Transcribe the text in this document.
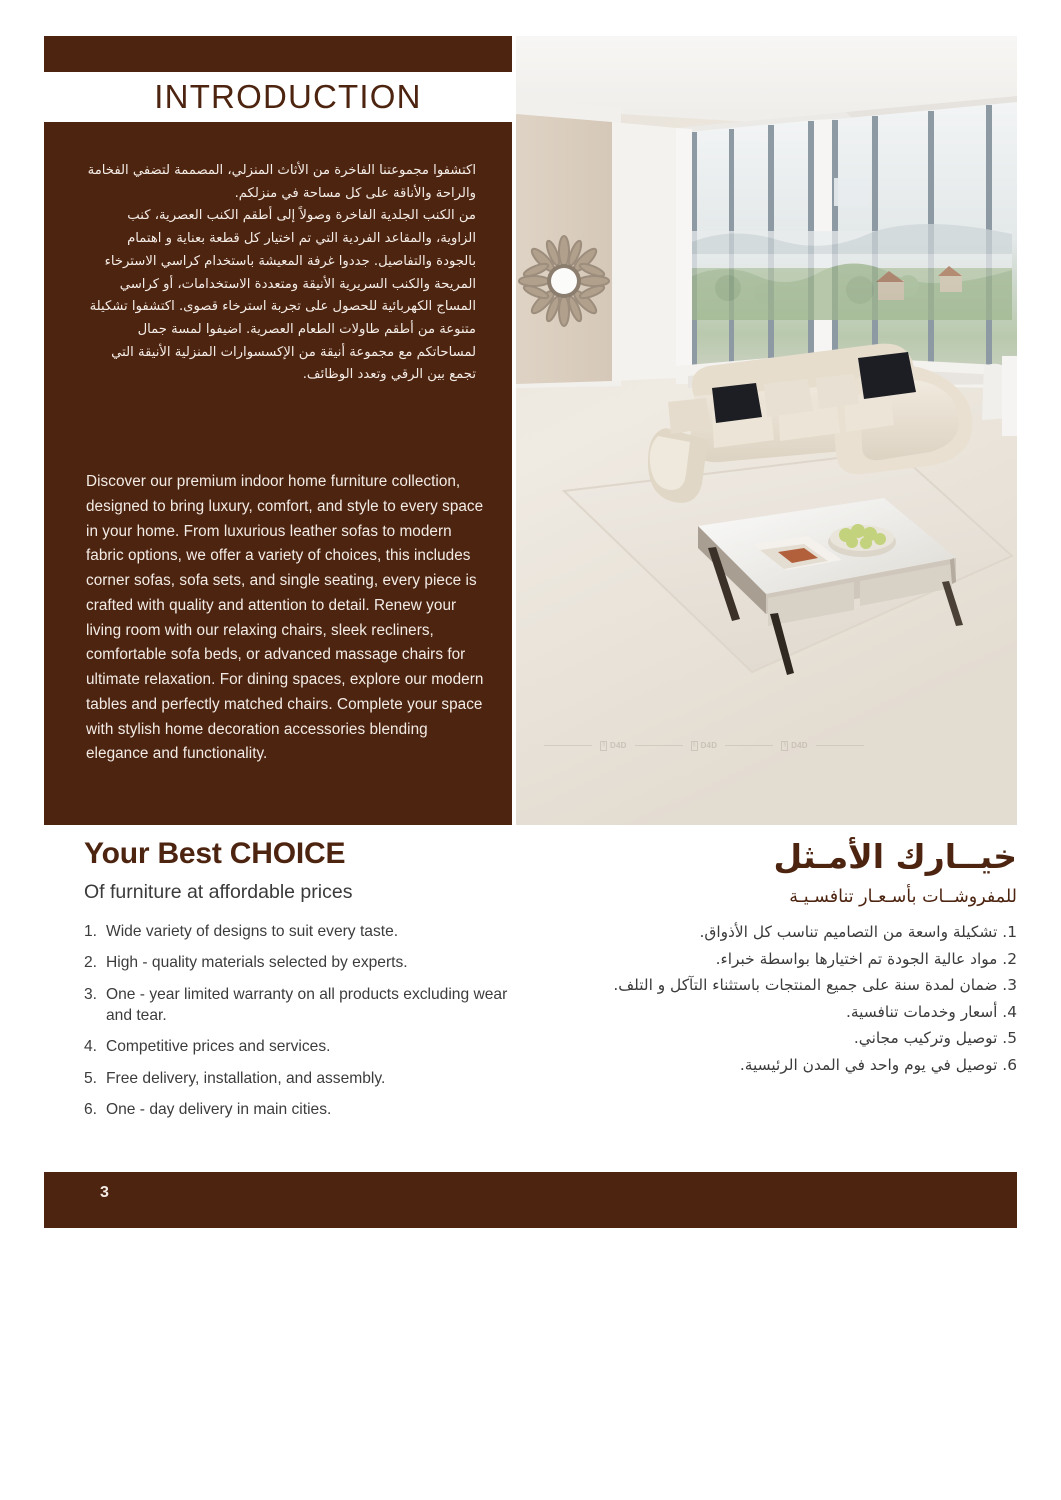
INTRODUCTION

اكتشفوا مجموعتنا الفاخرة من الأثاث المنزلي، المصممة لتضفي الفخامة والراحة والأناقة على كل مساحة في منزلكم.

من الكنب الجلدية الفاخرة وصولاً إلى أطقم الكنب العصرية، كنب الزاوية، والمقاعد الفردية التي تم اختيار كل قطعة بعناية و اهتمام بالجودة والتفاصيل. جددوا غرفة المعيشة باستخدام كراسي الاسترخاء المريحة والكنب السريرية الأنيقة ومتعددة الاستخدامات، أو كراسي المساج الكهربائية للحصول على تجربة استرخاء قصوى. اكتشفوا تشكيلة متنوعة من أطقم طاولات الطعام العصرية. اضيفوا لمسة جمال لمساحاتكم مع مجموعة أنيقة من الإكسسوارات المنزلية الأنيقة التي تجمع بين الرقي وتعدد الوظائف.

Discover our premium indoor home furniture collection, designed to bring luxury, comfort, and style to every space in your home. From luxurious leather sofas to modern fabric options, we offer a variety of choices, this includes corner sofas, sofa sets, and single seating, every piece is crafted with quality and attention to detail. Renew your living room with our relaxing chairs, sleek recliners, comfortable sofa beds, or advanced massage chairs for ultimate relaxation. For dining spaces, explore our modern tables and perfectly matched chairs. Complete your space with stylish home decoration accessories blending elegance and functionality.

§ D4D	§ D4D	§ D4D
Your Best CHOICE
Of furniture at affordable prices
1. Wide variety of designs to suit every taste.
2. High - quality materials selected by experts.
3. One - year limited warranty on all products excluding wear and tear.
4. Competitive prices and services.
5. Free delivery, installation, and assembly.
6. One - day delivery in main cities.
خيــارك الأمـثل
للمفروشــات بأسـعـار تنافسـيـة
1. تشكيلة واسعة من التصاميم تناسب كل الأذواق.
2. مواد عالية الجودة تم اختيارها بواسطة خبراء.
3. ضمان لمدة سنة على جميع المنتجات باستثناء التآكل و التلف.
4. أسعار وخدمات تنافسية.
5. توصيل وتركيب مجاني.
6. توصيل في يوم واحد في المدن الرئيسية.
3
